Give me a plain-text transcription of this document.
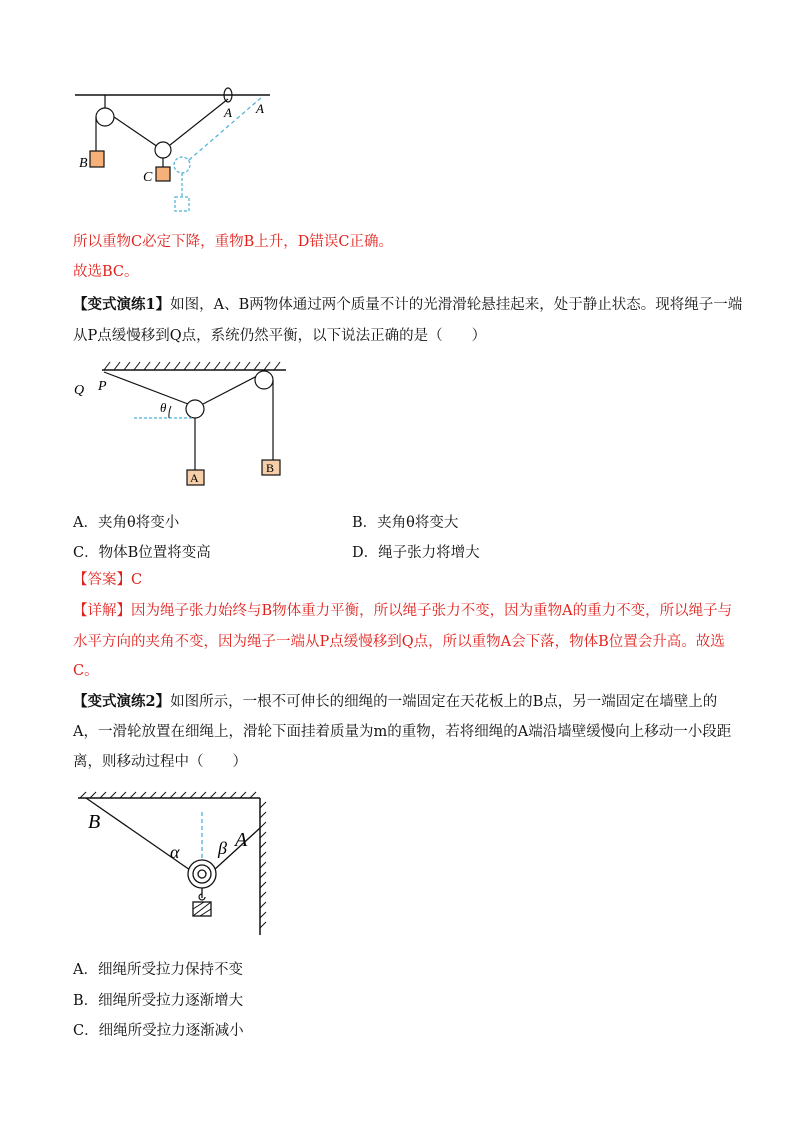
A A
B
C
所以重物C必定下降，重物B上升，D错误C正确。
故选BC。
【变式演练1】如图，A、B两物体通过两个质量不计的光滑滑轮悬挂起来，处于静止状态。现将绳子一端
从P点缓慢移到Q点，系统仍然平衡，以下说法正确的是（　　）
Q P
θ
A
B
A．夹角θ将变小	B．夹角θ将变大
C．物体B位置将变高	D．绳子张力将增大
【答案】C
【详解】因为绳子张力始终与B物体重力平衡，所以绳子张力不变，因为重物A的重力不变，所以绳子与
水平方向的夹角不变，因为绳子一端从P点缓慢移到Q点，所以重物A会下落，物体B位置会升高。故选
C。
【变式演练2】如图所示，一根不可伸长的细绳的一端固定在天花板上的B点，另一端固定在墙壁上的
A，一滑轮放置在细绳上，滑轮下面挂着质量为m的重物，若将细绳的A端沿墙壁缓慢向上移动一小段距
离，则移动过程中（　　）
B
α β A
A．细绳所受拉力保持不变
B．细绳所受拉力逐渐增大
C．细绳所受拉力逐渐减小
